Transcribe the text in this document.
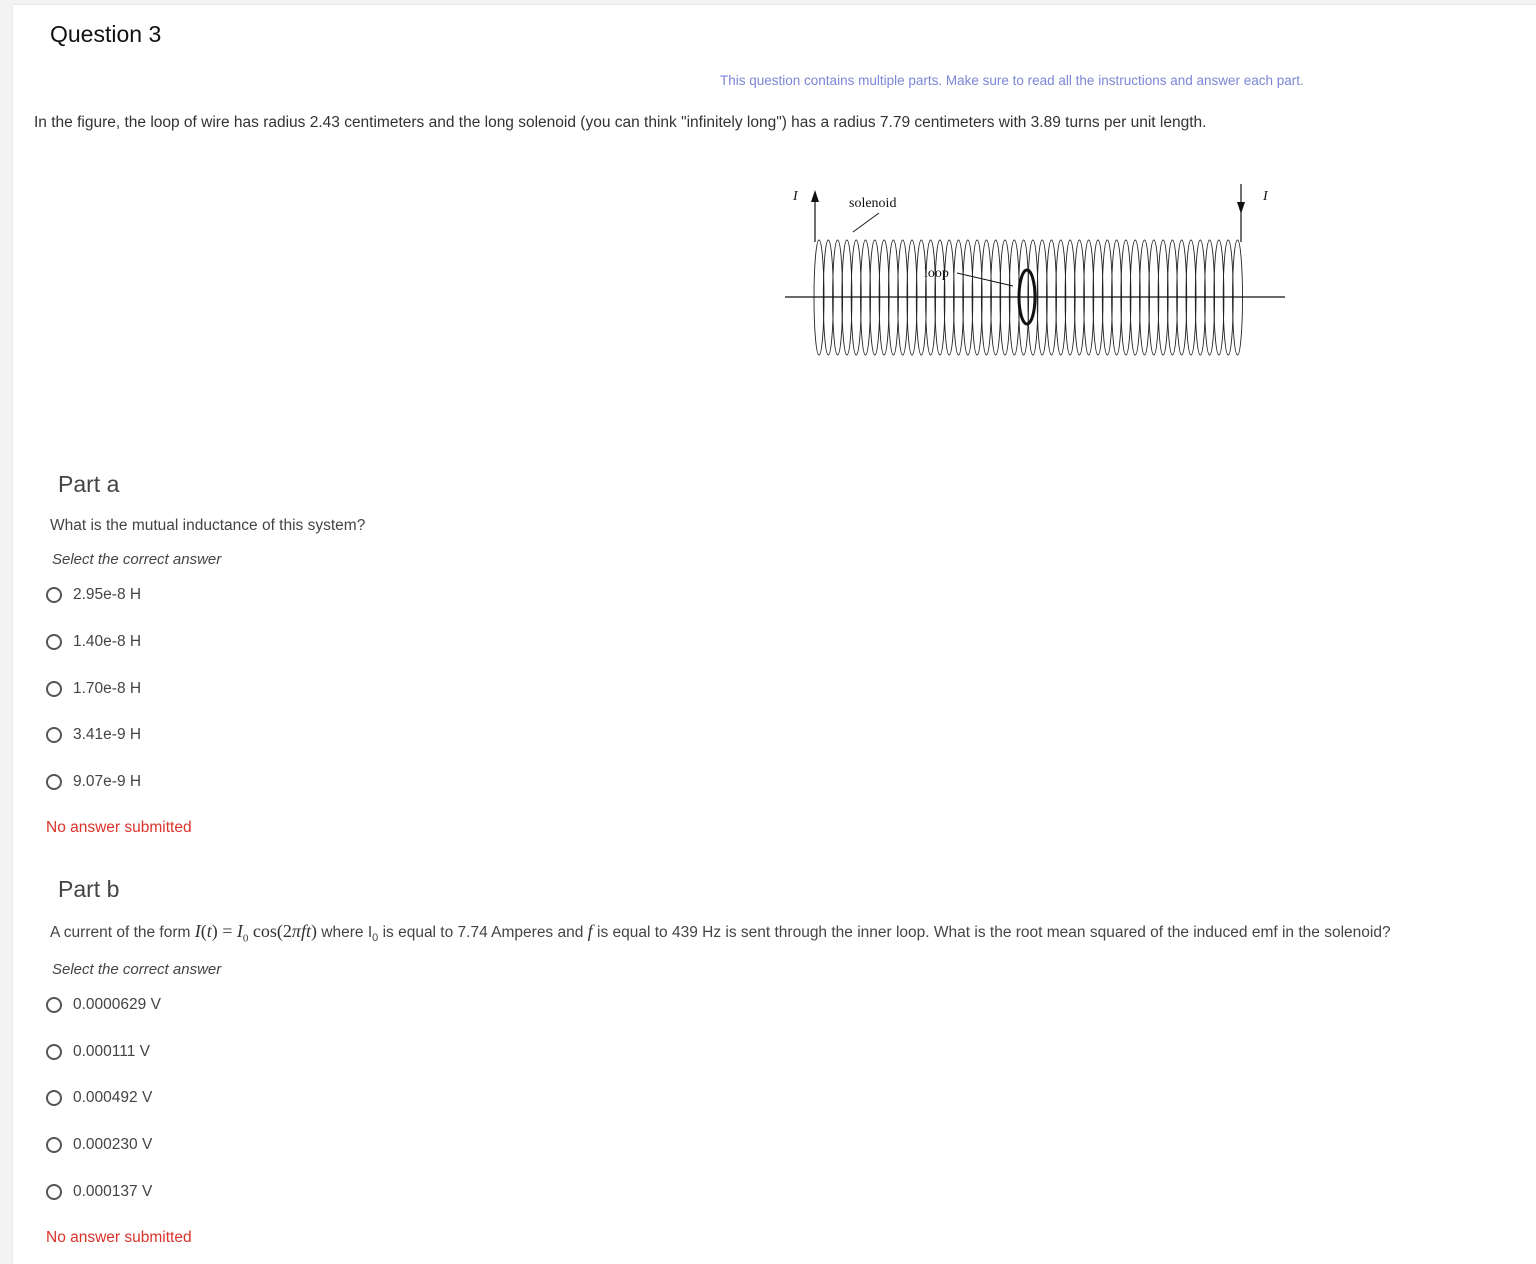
Question 3
This question contains multiple parts. Make sure to read all the instructions and answer each part.
In the figure, the loop of wire has radius 2.43 centimeters and the long solenoid (you can think "infinitely long") has a radius 7.79 centimeters with 3.89 turns per unit length.
I	I
solenoid
loop
Part a
What is the mutual inductance of this system?
Select the correct answer
2.95e-8 H
1.40e-8 H
1.70e-8 H
3.41e-9 H
9.07e-9 H
No answer submitted
Part b
A current of the form $I(t) = I_0$ cos(2πft) where $I_0$ is equal to 7.74 Amperes and f is equal to 439 Hz is sent through the inner loop. What is the root mean squared of the induced emf in the solenoid?
Select the correct answer
0.0000629 V
0.000111 V
0.000492 V
0.000230 V
0.000137 V
No answer submitted
